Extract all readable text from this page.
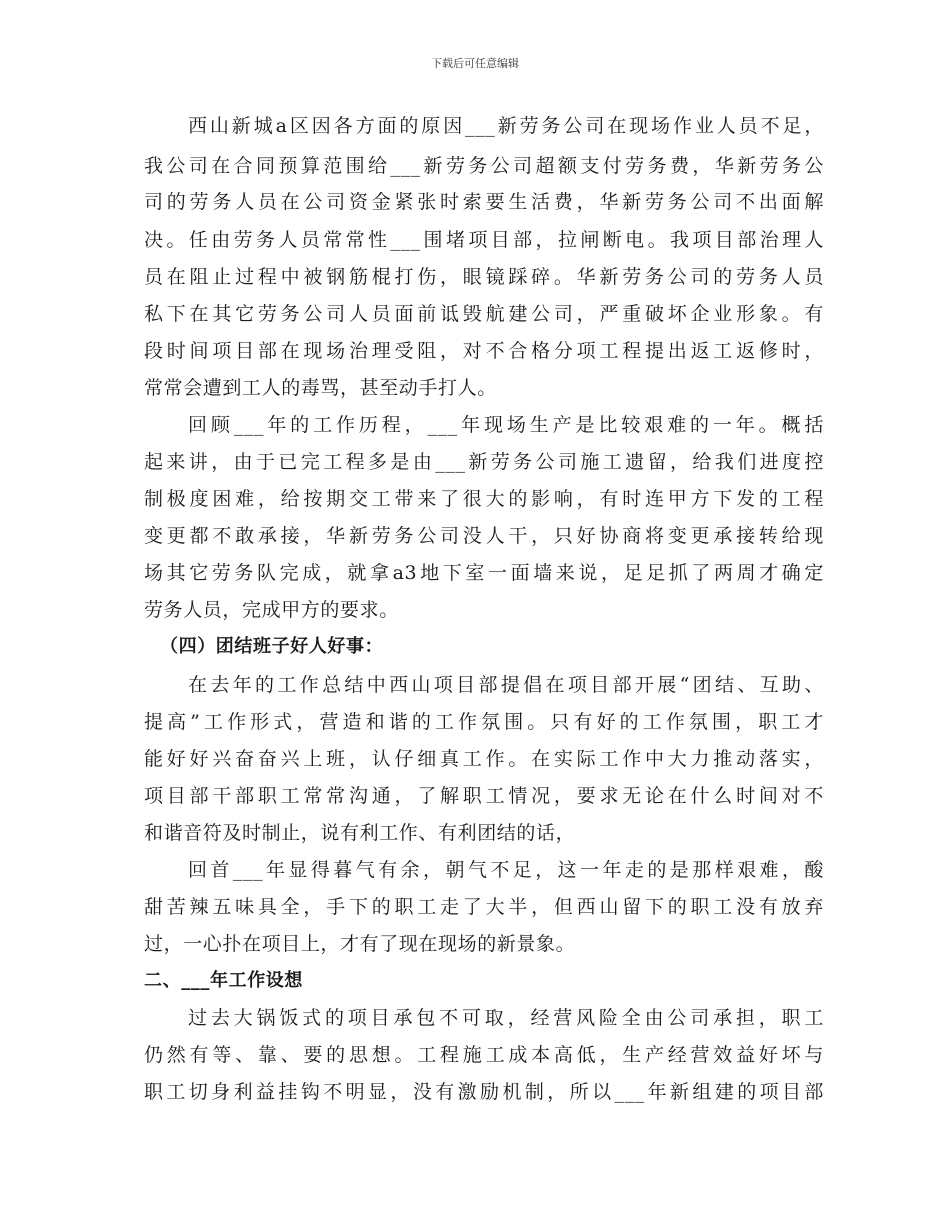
下载后可任意编辑
西山新城a区因各方面的原因___新劳务公司在现场作业人员不足，
我公司在合同预算范围给___新劳务公司超额支付劳务费，华新劳务公
司的劳务人员在公司资金紧张时索要生活费，华新劳务公司不出面解
决。任由劳务人员常常性___围堵项目部，拉闸断电。我项目部治理人
员在阻止过程中被钢筋棍打伤，眼镜踩碎。华新劳务公司的劳务人员
私下在其它劳务公司人员面前诋毁航建公司，严重破坏企业形象。有
段时间项目部在现场治理受阻，对不合格分项工程提出返工返修时，
常常会遭到工人的毒骂，甚至动手打人。
回顾___年的工作历程，___年现场生产是比较艰难的一年。概括
起来讲，由于已完工程多是由___新劳务公司施工遗留，给我们进度控
制极度困难，给按期交工带来了很大的影响，有时连甲方下发的工程
变更都不敢承接，华新劳务公司没人干，只好协商将变更承接转给现
场其它劳务队完成，就拿a3地下室一面墙来说，足足抓了两周才确定
劳务人员，完成甲方的要求。
（四）团结班子好人好事：
在去年的工作总结中西山项目部提倡在项目部开展“团结、互助、
提高”工作形式，营造和谐的工作氛围。只有好的工作氛围，职工才
能好好兴奋奋兴上班，认仔细真工作。在实际工作中大力推动落实，
项目部干部职工常常沟通，了解职工情况，要求无论在什么时间对不
和谐音符及时制止，说有利工作、有利团结的话，
回首___年显得暮气有余，朝气不足，这一年走的是那样艰难，酸
甜苦辣五味具全，手下的职工走了大半，但西山留下的职工没有放弃
过，一心扑在项目上，才有了现在现场的新景象。
二、___年工作设想
过去大锅饭式的项目承包不可取，经营风险全由公司承担，职工
仍然有等、靠、要的思想。工程施工成本高低，生产经营效益好坏与
职工切身利益挂钩不明显，没有激励机制，所以___年新组建的项目部
